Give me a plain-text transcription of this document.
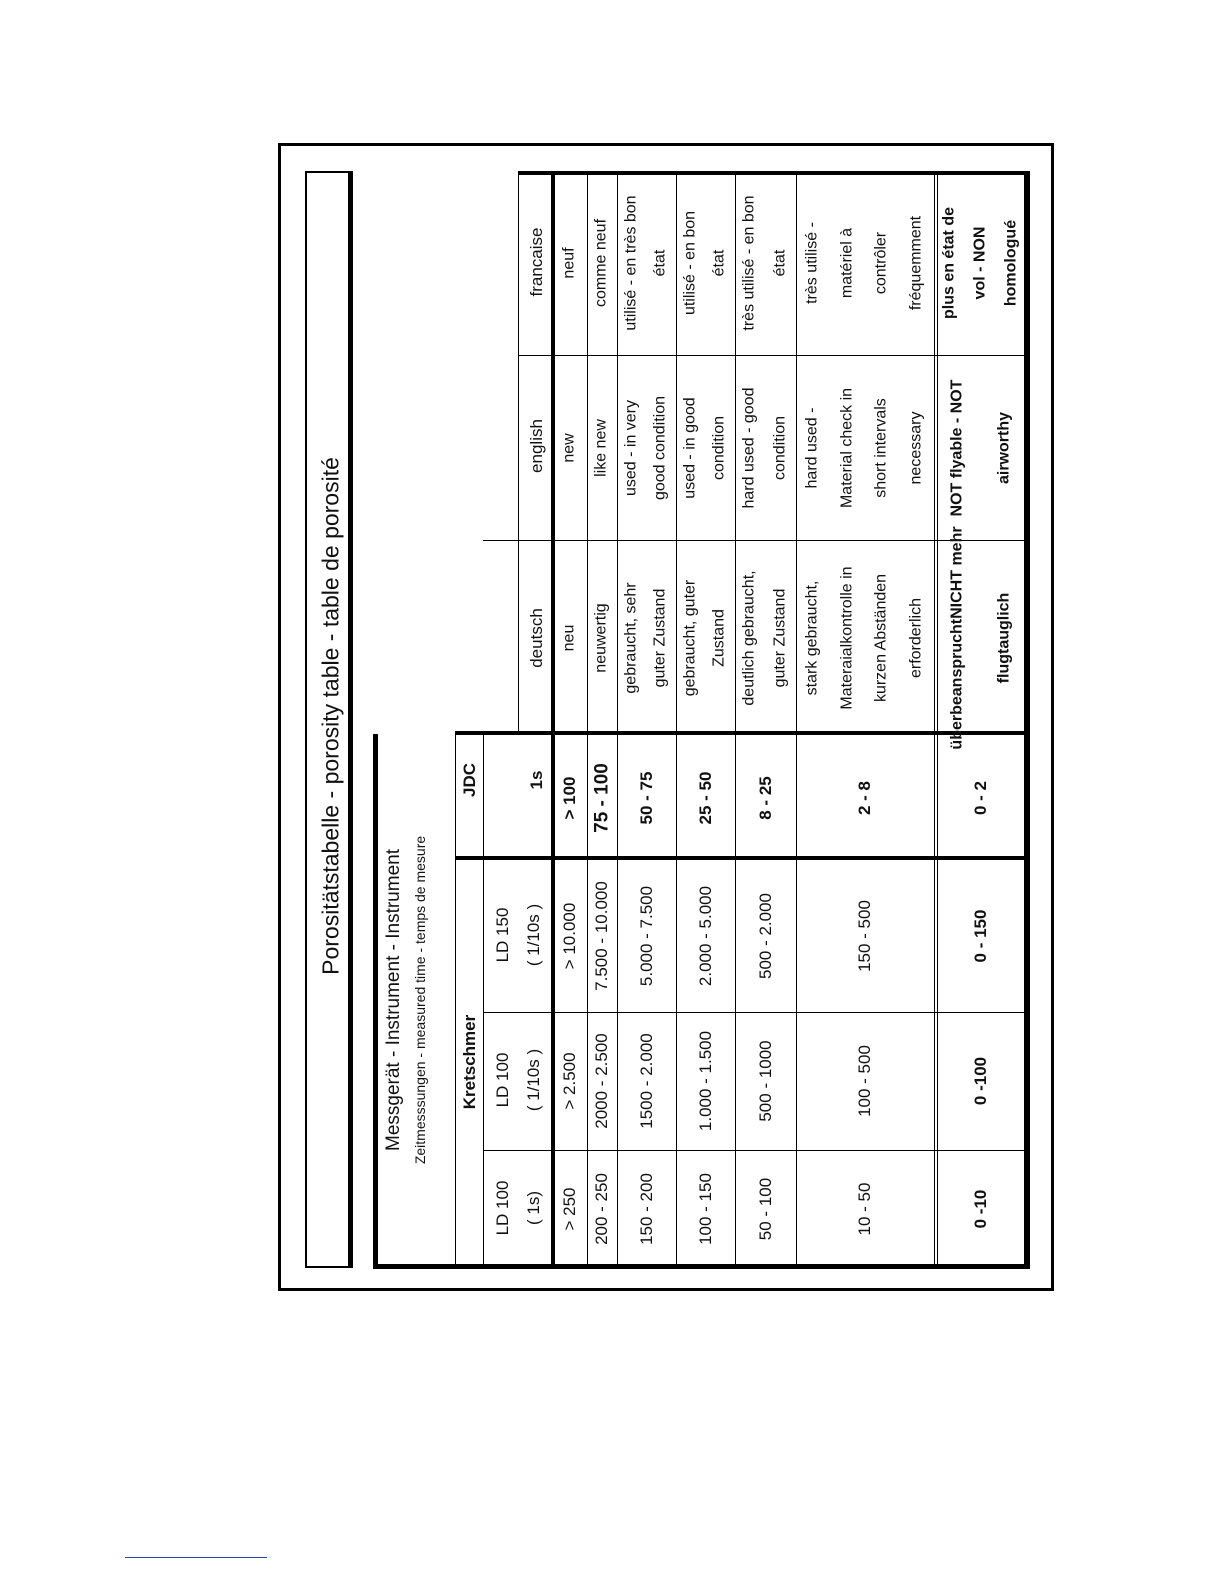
Porositätstabelle - porosity table - table de porosité
Messgerät - Instrument - Instrument Zeitmesssungen - measured time - temps de mesure Kretschmer
JDC
LD 100 ( 1s)
LD 100 ( 1/10s )
LD 150 ( 1/10s )
1s
deutsch
english
francaise
> 250
> 2.500
> 10.000
> 100
neu
new
neuf
200 - 250
2000 - 2.500
7.500 - 10.000
75 - 100
neuwertig
like new
comme neuf
150 - 200
1500 - 2.000
5.000 - 7.500
50 - 75
gebraucht, sehr guter Zustand
used - in very good condition
utilisé - en très bon état
100 - 150
1.000 - 1.500
2.000 - 5.000
25 - 50
gebraucht, guter Zustand
used - in good condition
utilisé - en bon état
50 - 100
500 - 1000
500 - 2.000
8 - 25
deutlich gebraucht, guter Zustand
hard used - good condition
très utilisé - en bon état
10 - 50
100 - 500
150 - 500
2 - 8
stark gebraucht, Materaialkontrolle in kurzen Abständen erforderlich
hard used - Material check in short intervals necessary
très utilisé - matériel à contrôler fréquemment
0 -10
0 -100
0 - 150
0 - 2
überbeanspruchtNICHT mehr flugtauglich
NOT flyable - NOT airworthy
plus en état de vol - NON homologué
